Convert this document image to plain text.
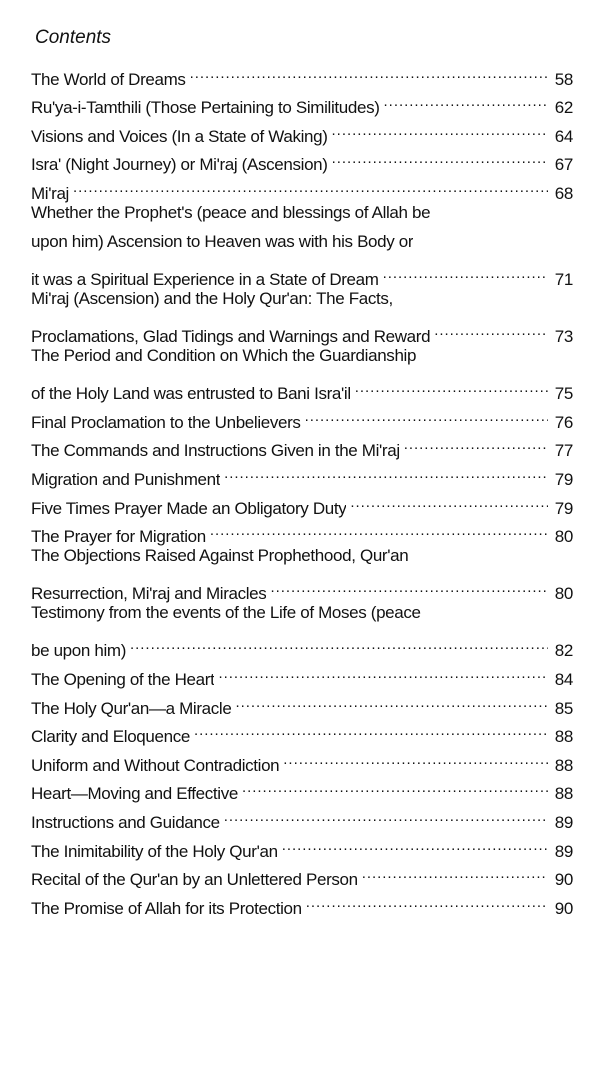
Contents
The World of Dreams . . .	58
Ru'ya-i-Tamthili (Those Pertaining to Similitudes) . . .	62
Visions and Voices (In a State of Waking) . . .	64
Isra' (Night Journey) or Mi'raj (Ascension) . . .	67
Mi'raj . . .	68
Whether the Prophet's (peace and blessings of Allah be
upon him) Ascension to Heaven was with his Body or
it was a Spiritual Experience in a State of Dream . . .	71
Mi'raj (Ascension) and the Holy Qur'an: The Facts,
Proclamations, Glad Tidings and Warnings and Reward . . .	73
The Period and Condition on Which the Guardianship
of the Holy Land was entrusted to Bani Isra'il . . .	75
Final Proclamation to the Unbelievers . . .	76
The Commands and Instructions Given in the Mi'raj . . .	77
Migration and Punishment . . .	79
Five Times Prayer Made an Obligatory Duty . . .	79
The Prayer for Migration . . .	80
The Objections Raised Against Prophethood, Qur'an
Resurrection, Mi'raj and Miracles . . .	80
Testimony from the events of the Life of Moses (peace
be upon him) . . .	82
The Opening of the Heart . . .	84
The Holy Qur'an—a Miracle . . .	85
Clarity and Eloquence . . .	88
Uniform and Without Contradiction . . .	88
Heart—Moving and Effective . . .	88
Instructions and Guidance . . .	89
The Inimitability of the Holy Qur'an . . .	89
Recital of the Qur'an by an Unlettered Person . . .	90
The Promise of Allah for its Protection . . .	90
